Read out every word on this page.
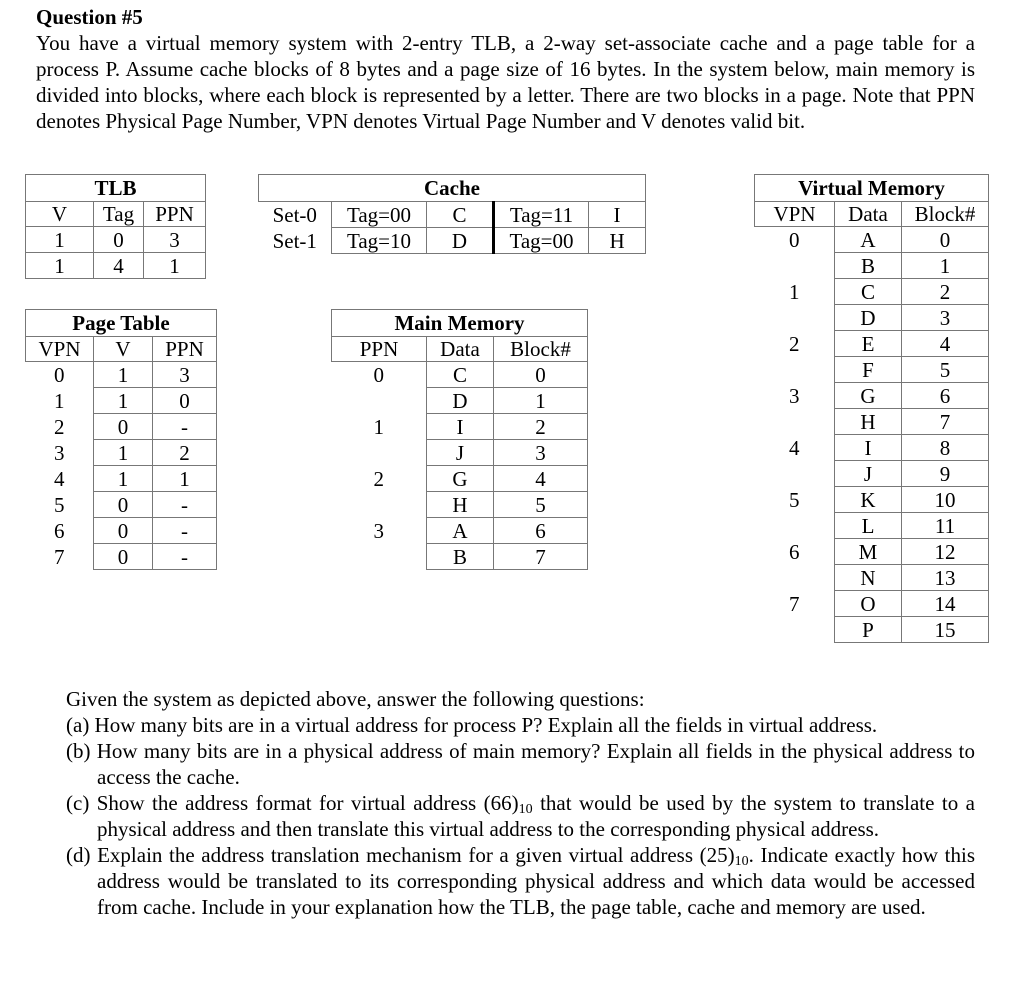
Question #5
You have a virtual memory system with 2-entry TLB, a 2-way set-associate cache and a page table for a process P. Assume cache blocks of 8 bytes and a page size of 16 bytes. In the system below, main memory is divided into blocks, where each block is represented by a letter. There are two blocks in a page. Note that PPN denotes Physical Page Number, VPN denotes Virtual Page Number and V denotes valid bit.
TLB		
V	Tag	PPN
1	0	3
1	4	1
Cache				
Set-0	Tag=00	C	Tag=11	I
Set-1	Tag=10	D	Tag=00	H
Page Table		
VPN	V	PPN
0	1	3
1	1	0
2	0	-
3	1	2
4	1	1
5	0	-
6	0	-
7	0	-
Main Memory		
PPN	Data	Block#
0	C	0
	D	1
1	I	2
	J	3
2	G	4
	H	5
3	A	6
	B	7
Virtual Memory		
VPN	Data	Block#
0	A	0
	B	1
1	C	2
	D	3
2	E	4
	F	5
3	G	6
	H	7
4	I	8
	J	9
5	K	10
	L	11
6	M	12
	N	13
7	O	14
	P	15
Given the system as depicted above, answer the following questions:
(a) How many bits are in a virtual address for process P? Explain all the fields in virtual address.
(b) How many bits are in a physical address of main memory? Explain all fields in the physical address to access the cache.
(c) Show the address format for virtual address $(66)_{10}$ that would be used by the system to translate to a physical address and then translate this virtual address to the corresponding physical address.
(d) Explain the address translation mechanism for a given virtual address $(25)_{10}$. Indicate exactly how this address would be translated to its corresponding physical address and which data would be accessed from cache. Include in your explanation how the TLB, the page table, cache and memory are used.
